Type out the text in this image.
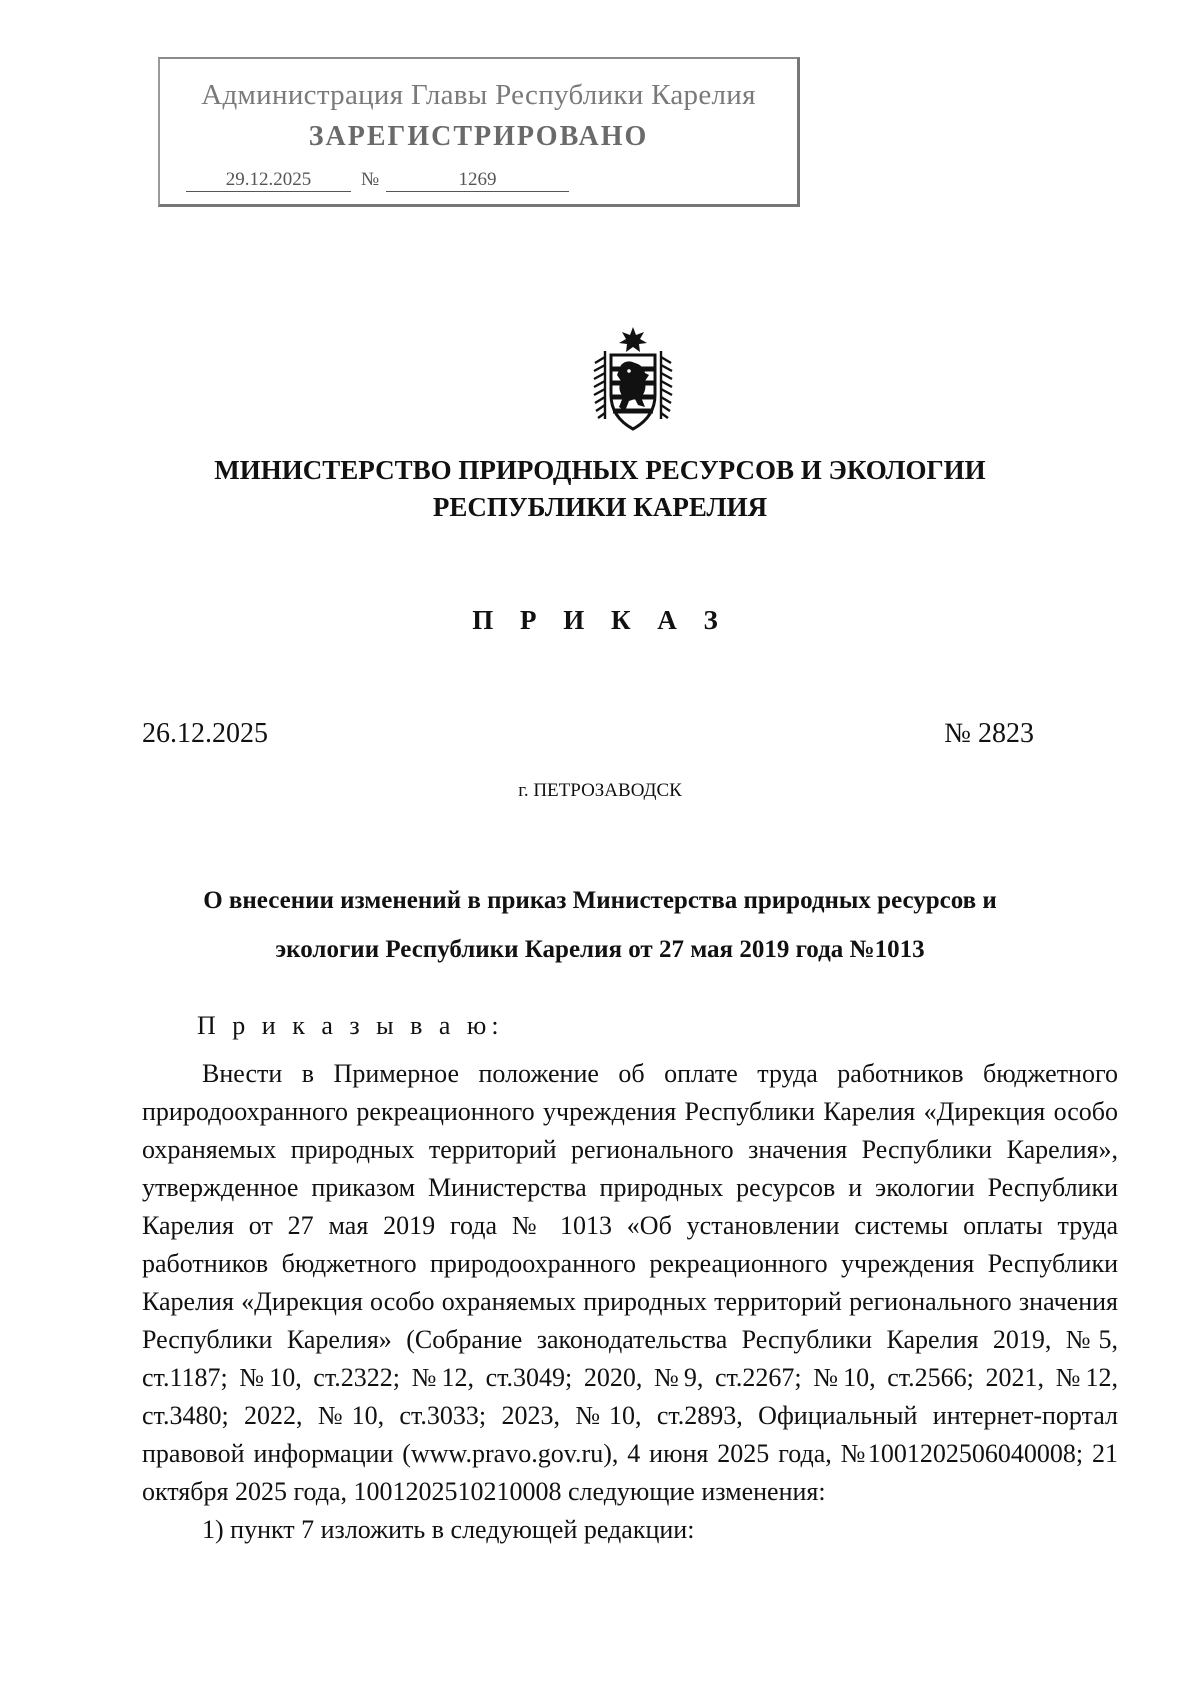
Администрация Главы Республики Карелия
ЗАРЕГИСТРИРОВАНО
29.12.2025	№	1269
МИНИСТЕРСТВО ПРИРОДНЫХ РЕСУРСОВ И ЭКОЛОГИИ
РЕСПУБЛИКИ КАРЕЛИЯ
П Р И К А З
26.12.2025	№ 2823
г. ПЕТРОЗАВОДСК
О внесении изменений в приказ Министерства природных ресурсов и
экологии Республики Карелия от 27 мая 2019 года №1013
П р и к а з ы в а ю:

Внести в Примерное положение об оплате труда работников бюджетного природоохранного рекреационного учреждения Республики Карелия «Дирекция особо охраняемых природных территорий регионального значения Республики Карелия», утвержденное приказом Министерства природных ресурсов и экологии Республики Карелия от 27 мая 2019 года № 1013 «Об установлении системы оплаты труда работников бюджетного природоохранного рекреационного учреждения Республики Карелия «Дирекция особо охраняемых природных территорий регионального значения Республики Карелия» (Собрание законодательства Республики Карелия 2019, №5, ст.1187; №10, ст.2322; №12, ст.3049; 2020, №9, ст.2267; №10, ст.2566; 2021, №12, ст.3480; 2022, №10, ст.3033; 2023, №10, ст.2893, Официальный интернет-портал правовой информации (www.pravo.gov.ru), 4 июня 2025 года, №1001202506040008; 21 октября 2025 года, 1001202510210008 следующие изменения:

1) пункт 7 изложить в следующей редакции:
